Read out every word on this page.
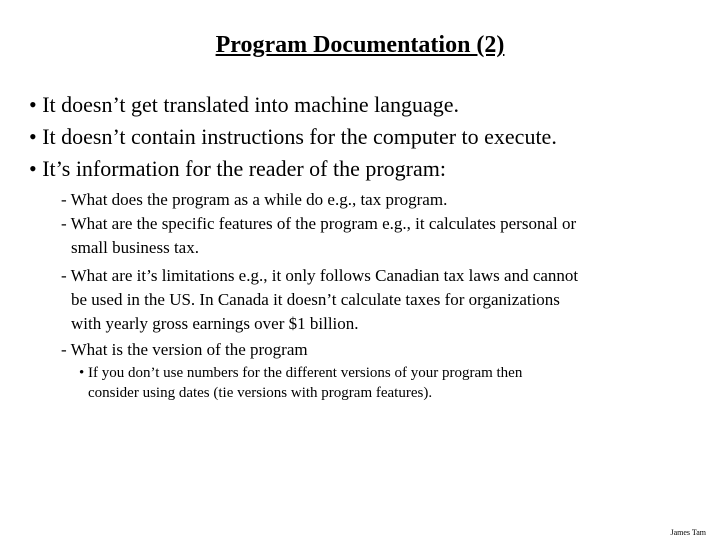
Program Documentation (2)
• It doesn’t get translated into machine language.
• It doesn’t contain instructions for the computer to execute.
• It’s information for the reader of the program:
- What does the program as a while do e.g., tax program.
- What are the specific features of the program e.g., it calculates personal or
small business tax.
- What are it’s limitations e.g., it only follows Canadian tax laws and cannot
be used in the US. In Canada it doesn’t calculate taxes for organizations
with yearly gross earnings over $1 billion.
- What is the version of the program
• If you don’t use numbers for the different versions of your program then
consider using dates (tie versions with program features).
James Tam
